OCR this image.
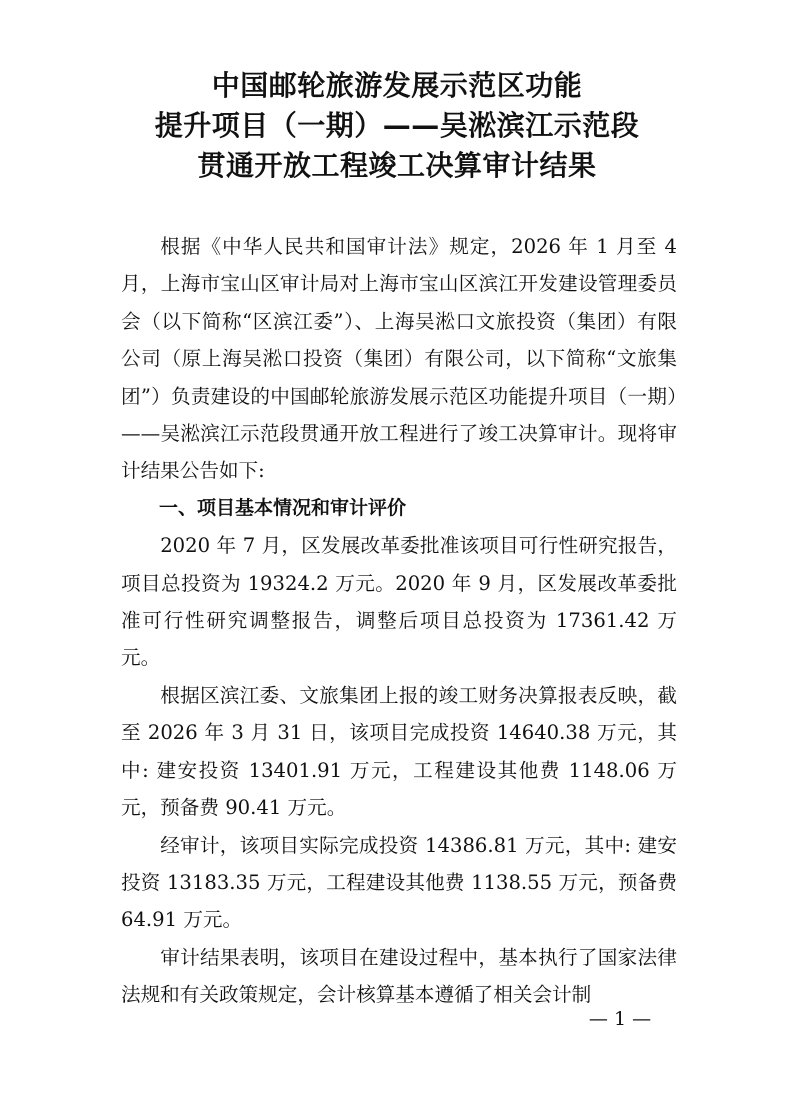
中国邮轮旅游发展示范区功能
提升项目（一期）——吴淞滨江示范段
贯通开放工程竣工决算审计结果

根据《中华人民共和国审计法》规定，2026 年 1 月至 4 月，上海市宝山区审计局对上海市宝山区滨江开发建设管理委员会（以下简称“区滨江委”）、上海吴淞口文旅投资（集团）有限公司（原上海吴淞口投资（集团）有限公司，以下简称“文旅集团”）负责建设的中国邮轮旅游发展示范区功能提升项目（一期）——吴淞滨江示范段贯通开放工程进行了竣工决算审计。现将审计结果公告如下:

一、项目基本情况和审计评价

2020 年 7 月，区发展改革委批准该项目可行性研究报告，项目总投资为 19324.2 万元。2020 年 9 月，区发展改革委批准可行性研究调整报告，调整后项目总投资为 17361.42 万元。

根据区滨江委、文旅集团上报的竣工财务决算报表反映，截至 2026 年 3 月 31 日，该项目完成投资 14640.38 万元，其中: 建安投资 13401.91 万元，工程建设其他费 1148.06 万元，预备费 90.41 万元。

经审计，该项目实际完成投资 14386.81 万元，其中: 建安投资 13183.35 万元，工程建设其他费 1138.55 万元，预备费 64.91 万元。

审计结果表明，该项目在建设过程中，基本执行了国家法律法规和有关政策规定，会计核算基本遵循了相关会计制

— 1 —
